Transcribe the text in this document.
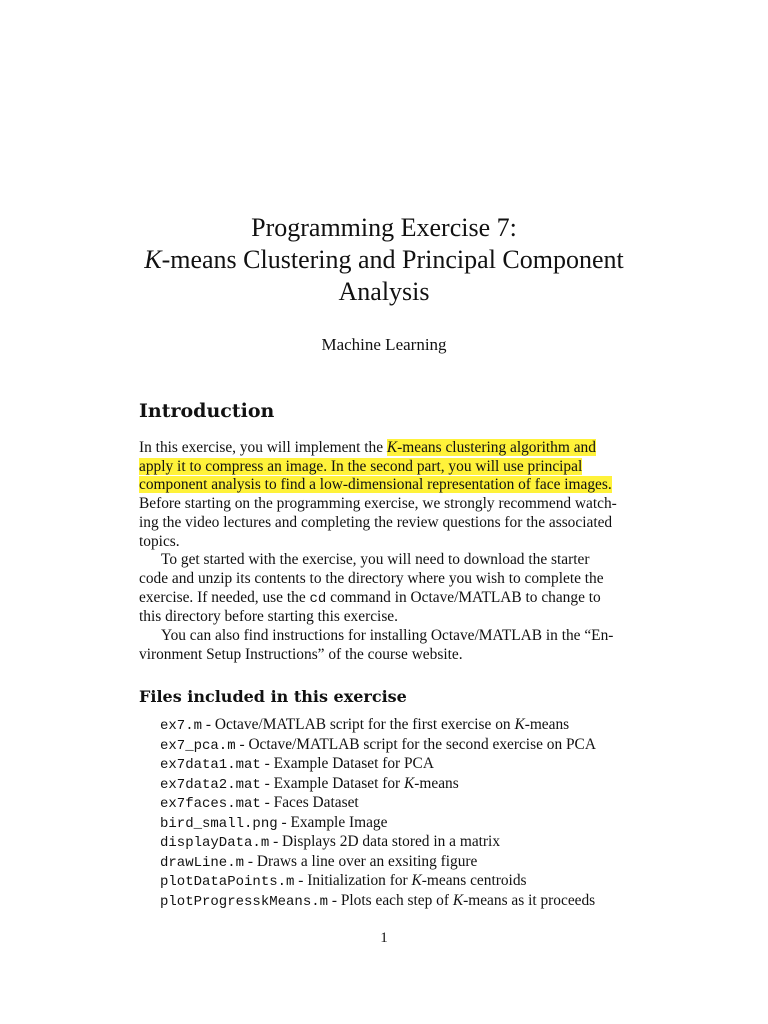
Programming Exercise 7:
K-means Clustering and Principal Component
Analysis
Machine Learning
Introduction
In this exercise, you will implement the K-means clustering algorithm and
apply it to compress an image. In the second part, you will use principal
component analysis to find a low-dimensional representation of face images.
Before starting on the programming exercise, we strongly recommend watch-
ing the video lectures and completing the review questions for the associated
topics.
To get started with the exercise, you will need to download the starter
code and unzip its contents to the directory where you wish to complete the
exercise. If needed, use the cd command in Octave/MATLAB to change to
this directory before starting this exercise.
You can also find instructions for installing Octave/MATLAB in the “En-
vironment Setup Instructions” of the course website.
Files included in this exercise
ex7.m - Octave/MATLAB script for the first exercise on K-means
ex7_pca.m - Octave/MATLAB script for the second exercise on PCA
ex7data1.mat - Example Dataset for PCA
ex7data2.mat - Example Dataset for K-means
ex7faces.mat - Faces Dataset
bird_small.png - Example Image
displayData.m - Displays 2D data stored in a matrix
drawLine.m - Draws a line over an exsiting figure
plotDataPoints.m - Initialization for K-means centroids
plotProgresskMeans.m - Plots each step of K-means as it proceeds
1
